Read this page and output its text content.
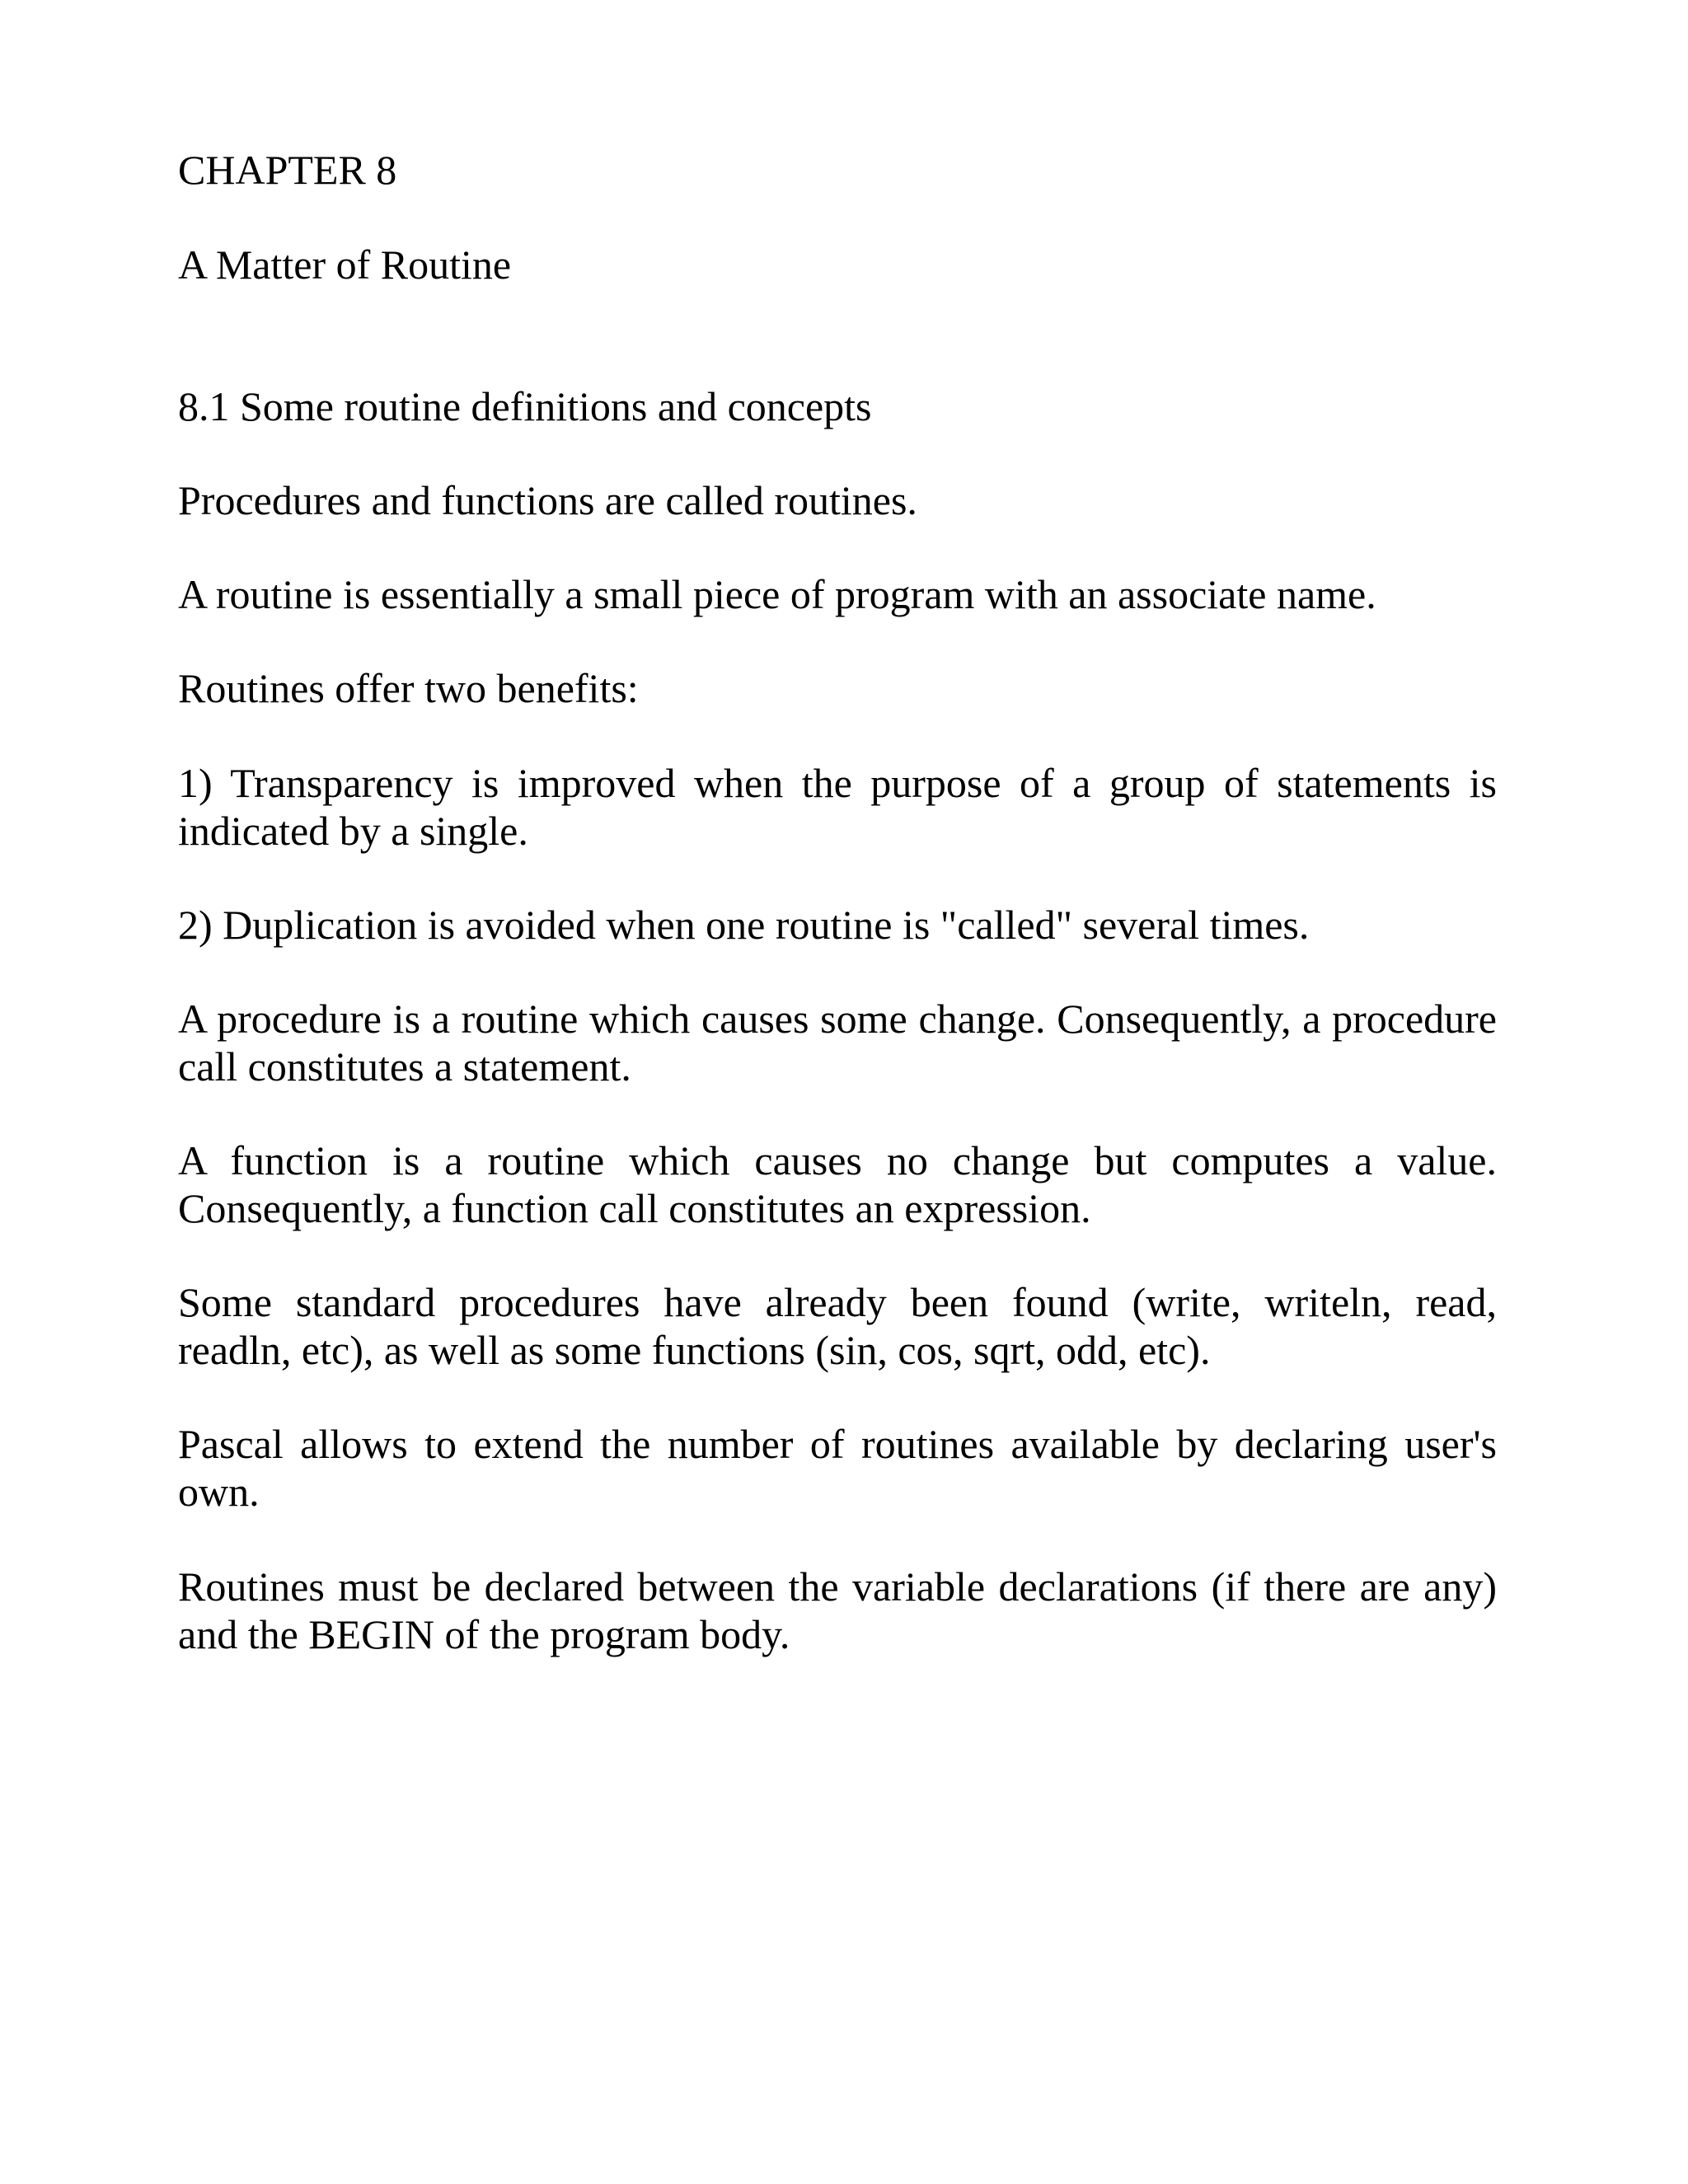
CHAPTER 8

A Matter of Routine

8.1 Some routine definitions and concepts

Procedures and functions are called routines.

A routine is essentially a small piece of program with an associate name.

Routines offer two benefits:

1) Transparency is improved when the purpose of a group of statements is indicated by a single.

2) Duplication is avoided when one routine is "called" several times.

A procedure is a routine which causes some change. Consequently, a procedure call constitutes a statement.

A function is a routine which causes no change but computes a value. Consequently, a function call constitutes an expression.

Some standard procedures have already been found (write, writeln, read, readln, etc), as well as some functions (sin, cos, sqrt, odd, etc).

Pascal allows to extend the number of routines available by declaring user's own.

Routines must be declared between the variable declarations (if there are any) and the BEGIN of the program body.
